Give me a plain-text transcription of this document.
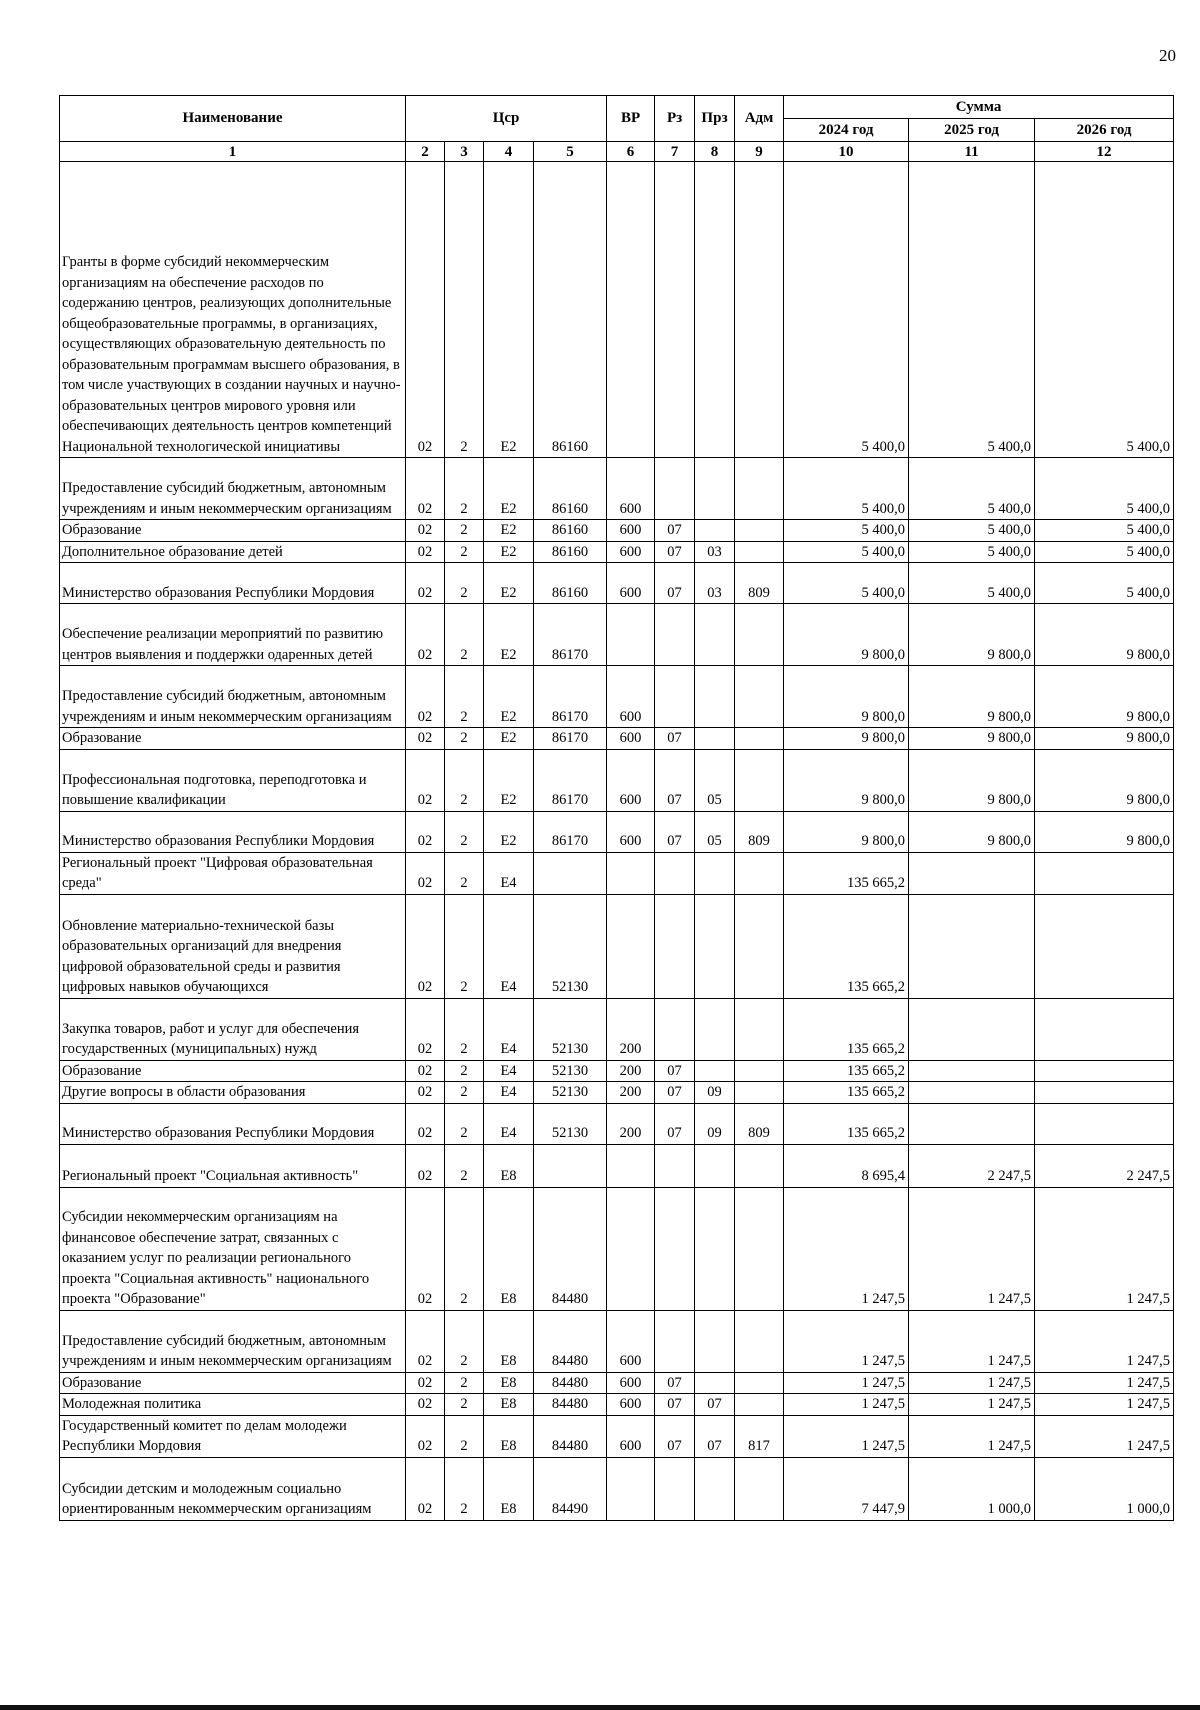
20
Наименование	Цср				ВР	Рз	Прз	Адм	Сумма		
									2024 год	2025 год	2026 год
1	2	3	4	5	6	7	8	9	10	11	12
Гранты в форме субсидий некоммерческим организациям на обеспечение расходов по содержанию центров, реализующих дополнительные общеобразовательные программы, в организациях, осуществляющих образовательную деятельность по образовательным программам высшего образования, в том числе участвующих в создании научных и научно-образовательных центров мирового уровня или обеспечивающих деятельность центров компетенций Национальной технологической инициативы	02	2	Е2	86160					5 400,0	5 400,0	5 400,0
Предоставление субсидий бюджетным, автономным учреждениям и иным некоммерческим организациям	02	2	Е2	86160	600				5 400,0	5 400,0	5 400,0
Образование	02	2	Е2	86160	600	07			5 400,0	5 400,0	5 400,0
Дополнительное образование детей	02	2	Е2	86160	600	07	03		5 400,0	5 400,0	5 400,0
Министерство образования Республики Мордовия	02	2	Е2	86160	600	07	03	809	5 400,0	5 400,0	5 400,0
Обеспечение реализации мероприятий по развитию центров выявления и поддержки одаренных детей	02	2	Е2	86170					9 800,0	9 800,0	9 800,0
Предоставление субсидий бюджетным, автономным учреждениям и иным некоммерческим организациям	02	2	Е2	86170	600				9 800,0	9 800,0	9 800,0
Образование	02	2	Е2	86170	600	07			9 800,0	9 800,0	9 800,0
Профессиональная подготовка, переподготовка и повышение квалификации	02	2	Е2	86170	600	07	05		9 800,0	9 800,0	9 800,0
Министерство образования Республики Мордовия	02	2	Е2	86170	600	07	05	809	9 800,0	9 800,0	9 800,0
Региональный проект "Цифровая образовательная среда"	02	2	Е4						135 665,2		
Обновление материально-технической базы образовательных организаций для внедрения цифровой образовательной среды и развития цифровых навыков обучающихся	02	2	Е4	52130					135 665,2		
Закупка товаров, работ и услуг для обеспечения государственных (муниципальных) нужд	02	2	Е4	52130	200				135 665,2		
Образование	02	2	Е4	52130	200	07			135 665,2		
Другие вопросы в области образования	02	2	Е4	52130	200	07	09		135 665,2		
Министерство образования Республики Мордовия	02	2	Е4	52130	200	07	09	809	135 665,2		
Региональный проект "Социальная активность"	02	2	Е8						8 695,4	2 247,5	2 247,5
Субсидии некоммерческим организациям на финансовое обеспечение затрат, связанных с оказанием услуг по реализации регионального проекта "Социальная активность" национального проекта "Образование"	02	2	Е8	84480					1 247,5	1 247,5	1 247,5
Предоставление субсидий бюджетным, автономным учреждениям и иным некоммерческим организациям	02	2	Е8	84480	600				1 247,5	1 247,5	1 247,5
Образование	02	2	Е8	84480	600	07			1 247,5	1 247,5	1 247,5
Молодежная политика	02	2	Е8	84480	600	07	07		1 247,5	1 247,5	1 247,5
Государственный комитет по делам молодежи Республики Мордовия	02	2	Е8	84480	600	07	07	817	1 247,5	1 247,5	1 247,5
Субсидии детским и молодежным социально ориентированным некоммерческим организациям	02	2	Е8	84490					7 447,9	1 000,0	1 000,0
